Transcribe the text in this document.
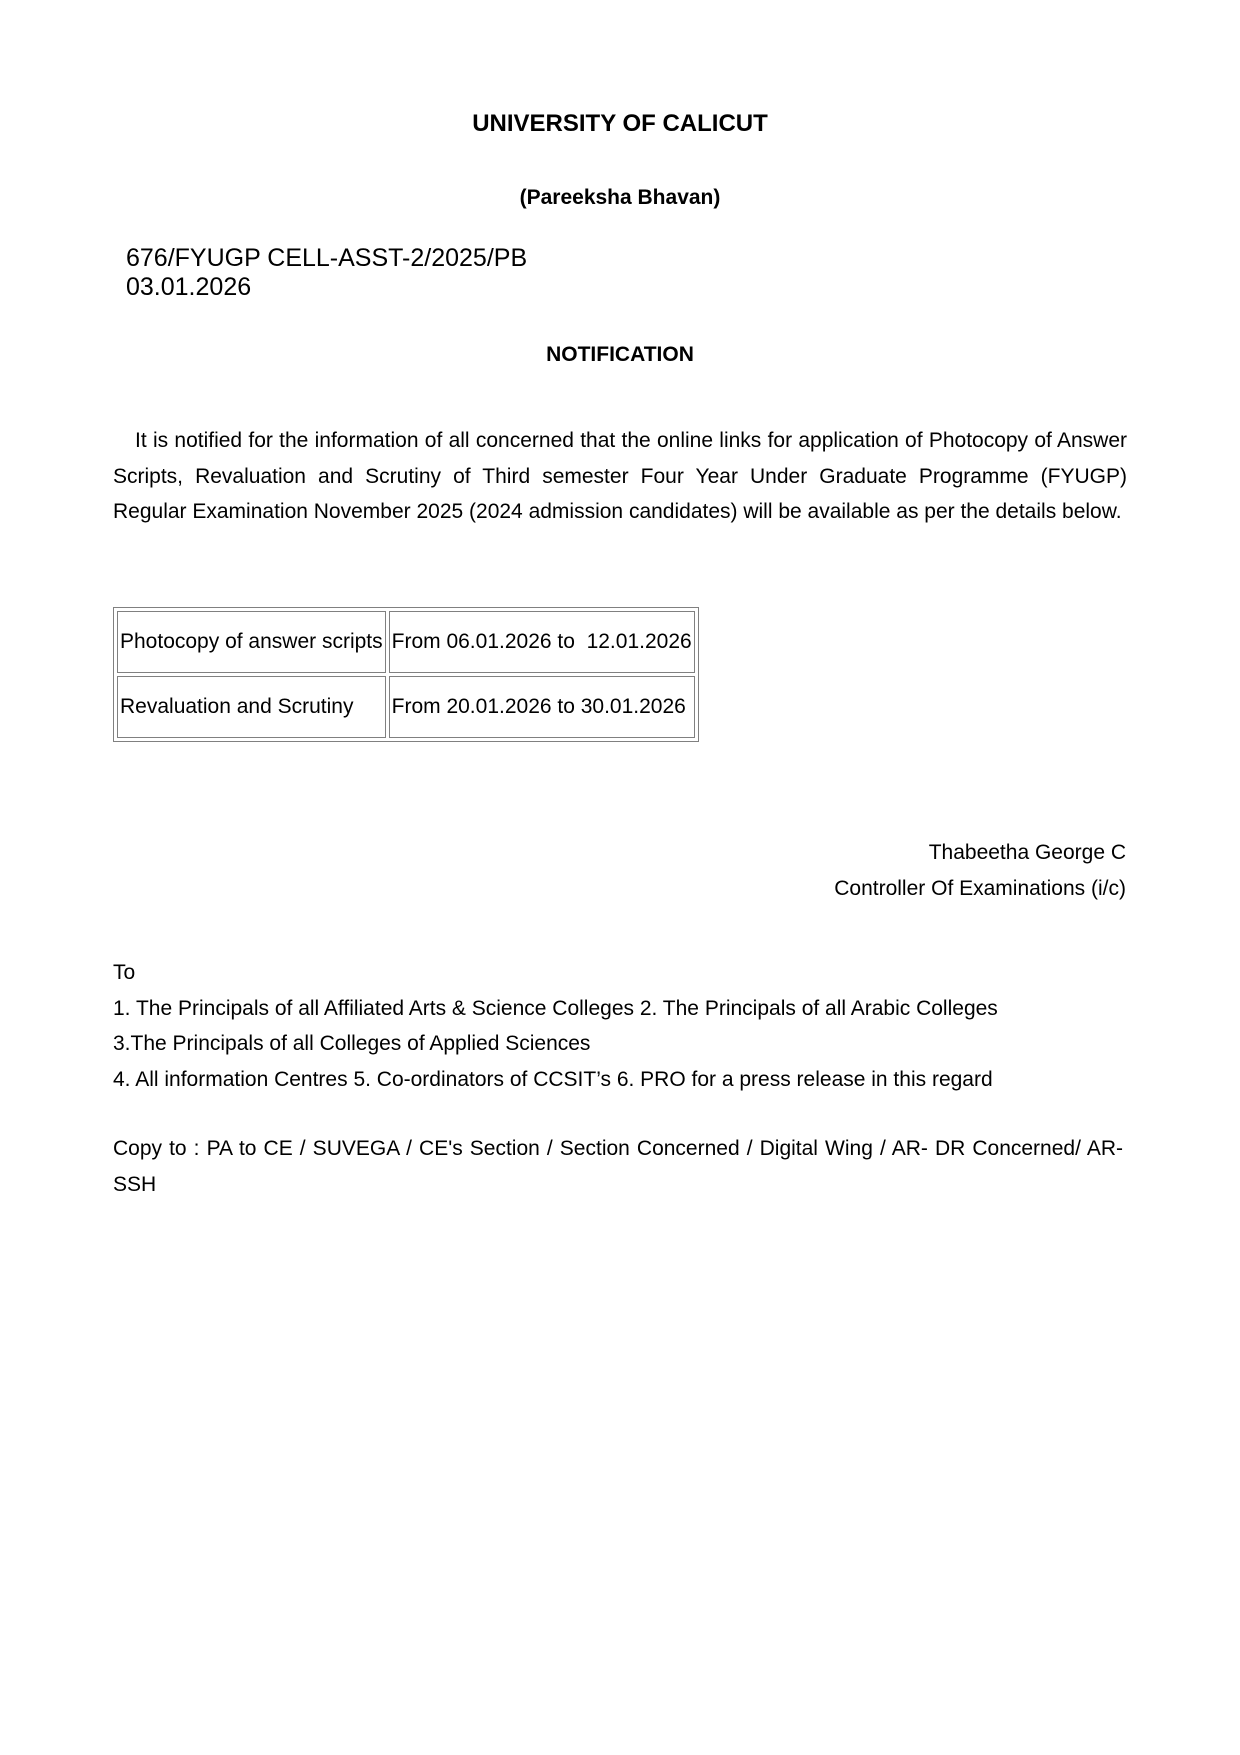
UNIVERSITY OF CALICUT
(Pareeksha Bhavan)
676/FYUGP CELL-ASST-2/2025/PB
03.01.2026
NOTIFICATION
It is notified for the information of all concerned that the online links for application of Photocopy of Answer Scripts, Revaluation and Scrutiny of Third semester Four Year Under Graduate Programme (FYUGP) Regular Examination November 2025 (2024 admission candidates) will be available as per the details below.
Photocopy of answer scripts	From 06.01.2026 to  12.01.2026
Revaluation and Scrutiny	From 20.01.2026 to 30.01.2026
Thabeetha George C
Controller Of Examinations (i/c)
To
1. The Principals of all Affiliated Arts & Science Colleges 2. The Principals of all Arabic Colleges
3.The Principals of all Colleges of Applied Sciences
4. All information Centres 5. Co-ordinators of CCSIT’s 6. PRO for a press release in this regard
Copy to : PA to CE / SUVEGA / CE's Section / Section Concerned / Digital Wing / AR- DR Concerned/ AR-SSH
